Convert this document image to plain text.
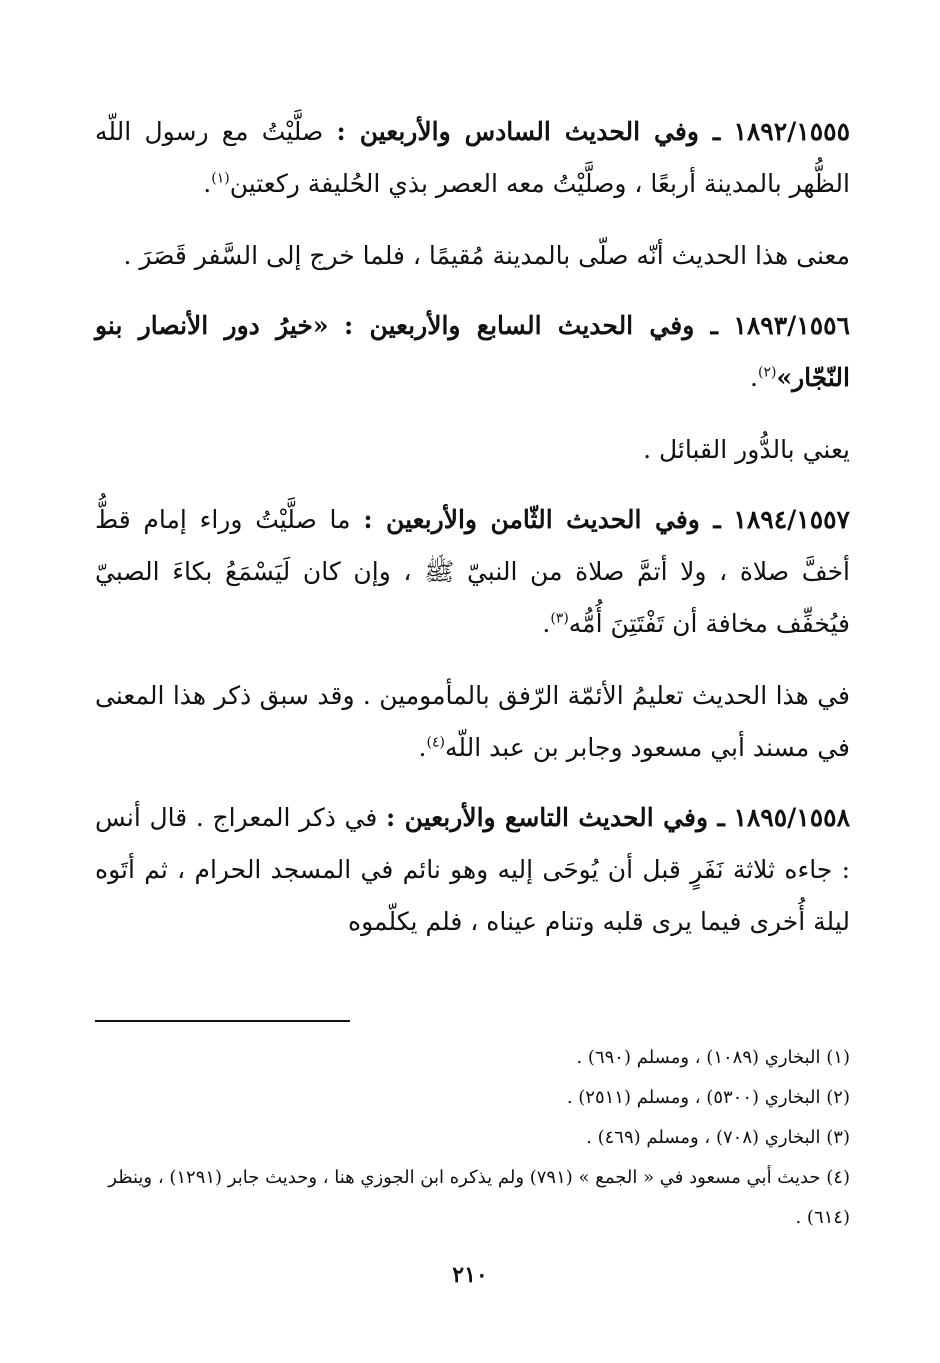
١٨٩٢/١٥٥٥ ـ وفي الحديث السادس والأربعين : صلَّيْتُ مع رسول اللّه الظُّهر بالمدينة أربعًا ، وصلَّيْتُ معه العصر بذي الحُليفة ركعتين$^{(١)}$.

معنى هذا الحديث أنّه صلّى بالمدينة مُقيمًا ، فلما خرج إلى السَّفر قَصَرَ .

١٨٩٣/١٥٥٦ ـ وفي الحديث السابع والأربعين : «خيرُ دور الأنصار بنو النّجّار»$^{(٢)}$.

يعني بالدُّور القبائل .

١٨٩٤/١٥٥٧ ـ وفي الحديث الثّامن والأربعين : ما صلَّيْتُ وراء إمام قطُّ أخفَّ صلاة ، ولا أتمَّ صلاة من النبيّ ﷺ ، وإن كان لَيَسْمَعُ بكاءَ الصبيّ فيُخفِّف مخافة أن تَفْتَتِنَ أُمُّه$^{(٣)}$.

في هذا الحديث تعليمُ الأئمّة الرّفق بالمأمومين . وقد سبق ذكر هذا المعنى في مسند أبي مسعود وجابر بن عبد اللّه$^{(٤)}$.

١٨٩٥/١٥٥٨ ـ وفي الحديث التاسع والأربعين : في ذكر المعراج . قال أنس : جاءه ثلاثة نَفَرٍ قبل أن يُوحَى إليه وهو نائم في المسجد الحرام ، ثم أتَوه ليلة أُخرى فيما يرى قلبه وتنام عيناه ، فلم يكلّموه

(١) البخاري (١٠٨٩) ، ومسلم (٦٩٠) .

(٢) البخاري (٥٣٠٠) ، ومسلم (٢٥١١) .

(٣) البخاري (٧٠٨) ، ومسلم (٤٦٩) .

(٤) حديث أبي مسعود في « الجمع » (٧٩١) ولم يذكره ابن الجوزي هنا ، وحديث جابر (١٢٩١) ، وينظر (٦١٤) .

٢١٠
